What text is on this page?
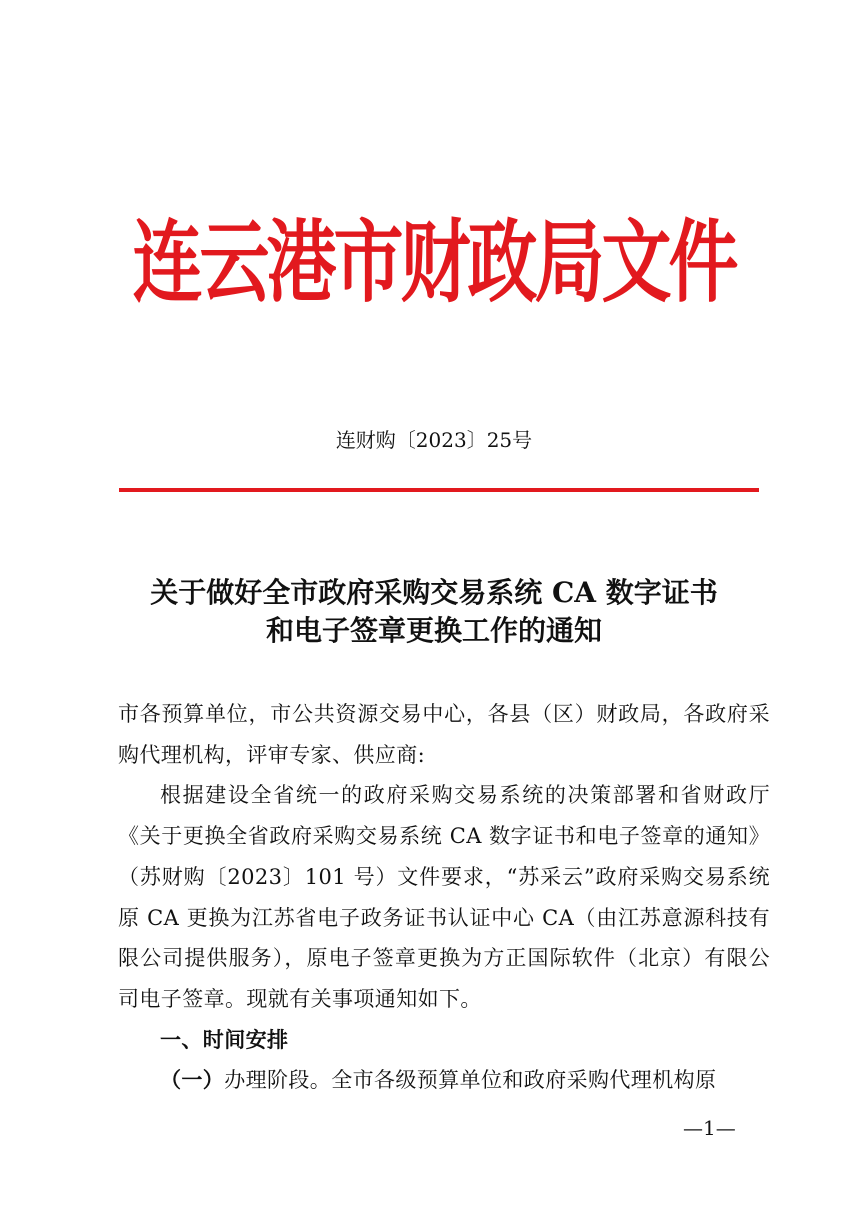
连云港市财政局文件
连财购〔2023〕25号
关于做好全市政府采购交易系统 CA 数字证书
和电子签章更换工作的通知

市各预算单位，市公共资源交易中心，各县（区）财政局，各政府采购代理机构，评审专家、供应商:

根据建设全省统一的政府采购交易系统的决策部署和省财政厅《关于更换全省政府采购交易系统 CA 数字证书和电子签章的通知》（苏财购〔2023〕101 号）文件要求，“苏采云”政府采购交易系统原 CA 更换为江苏省电子政务证书认证中心 CA（由江苏意源科技有限公司提供服务），原电子签章更换为方正国际软件（北京）有限公司电子签章。现就有关事项通知如下。

一、时间安排

（一）办理阶段。全市各级预算单位和政府采购代理机构原

—1—
